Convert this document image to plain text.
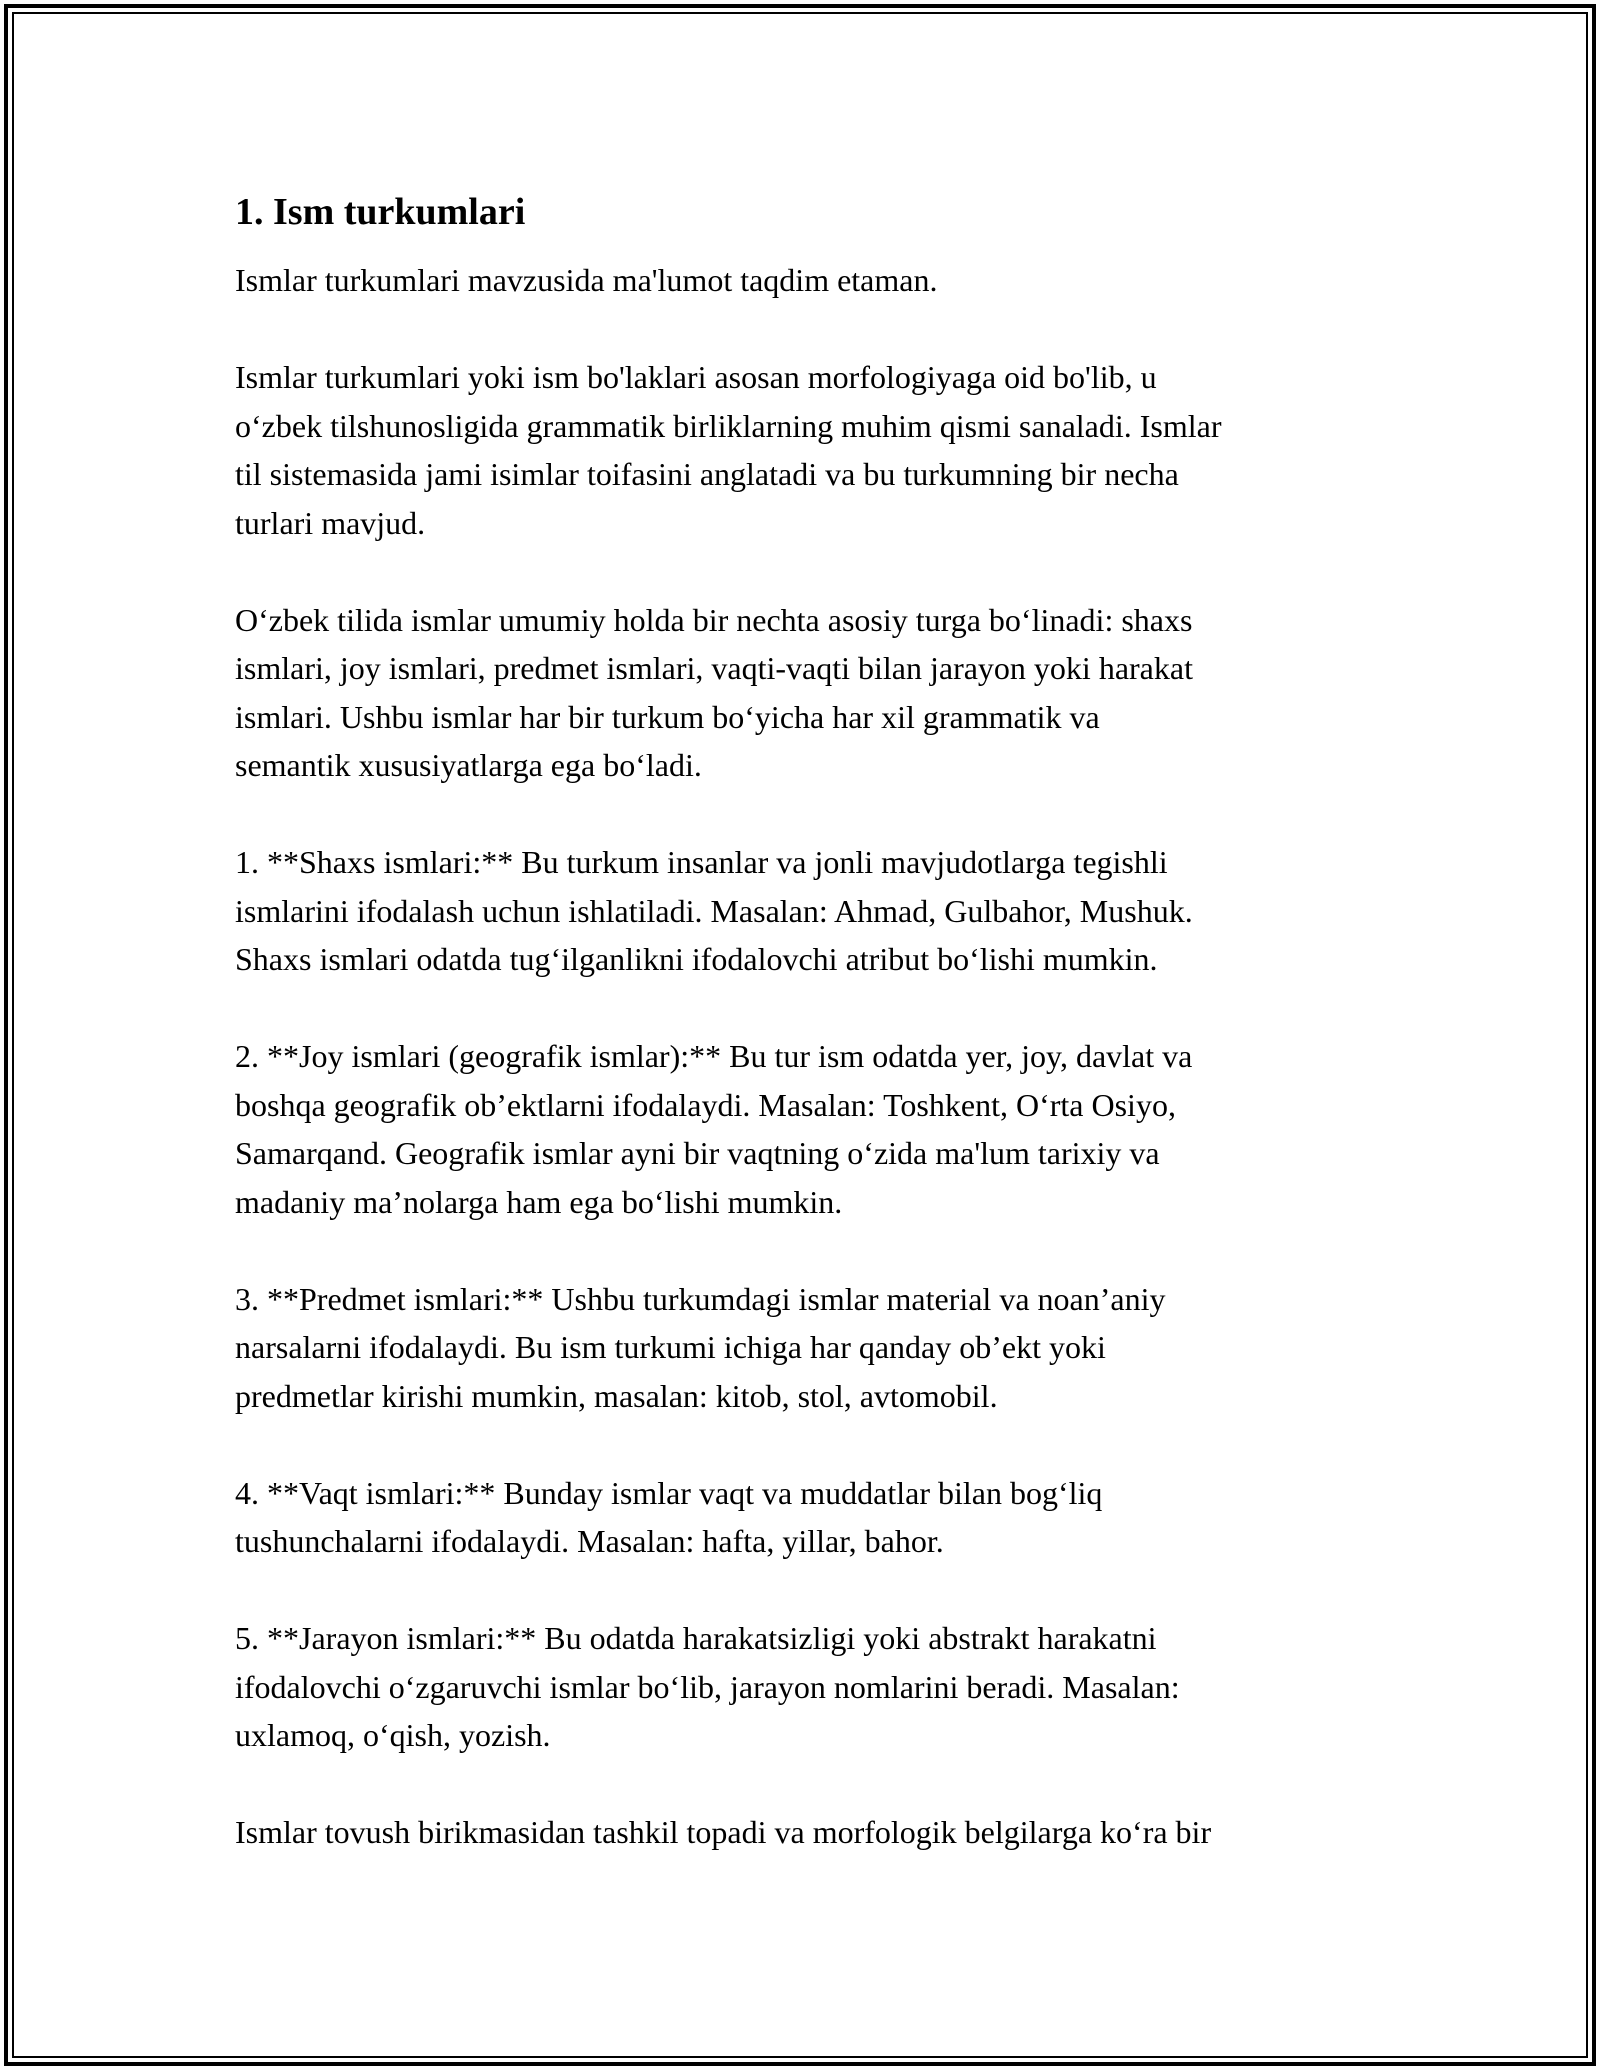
1. Ism turkumlari

Ismlar turkumlari mavzusida ma'lumot taqdim etaman.

Ismlar turkumlari yoki ism bo'laklari asosan morfologiyaga oid bo'lib, u
o‘zbek tilshunosligida grammatik birliklarning muhim qismi sanaladi. Ismlar
til sistemasida jami isimlar toifasini anglatadi va bu turkumning bir necha
turlari mavjud.

O‘zbek tilida ismlar umumiy holda bir nechta asosiy turga bo‘linadi: shaxs
ismlari, joy ismlari, predmet ismlari, vaqti-vaqti bilan jarayon yoki harakat
ismlari. Ushbu ismlar har bir turkum bo‘yicha har xil grammatik va
semantik xususiyatlarga ega bo‘ladi.

1. **Shaxs ismlari:** Bu turkum insanlar va jonli mavjudotlarga tegishli
ismlarini ifodalash uchun ishlatiladi. Masalan: Ahmad, Gulbahor, Mushuk.
Shaxs ismlari odatda tug‘ilganlikni ifodalovchi atribut bo‘lishi mumkin.

2. **Joy ismlari (geografik ismlar):** Bu tur ism odatda yer, joy, davlat va
boshqa geografik ob’ektlarni ifodalaydi. Masalan: Toshkent, O‘rta Osiyo,
Samarqand. Geografik ismlar ayni bir vaqtning o‘zida ma'lum tarixiy va
madaniy ma’nolarga ham ega bo‘lishi mumkin.

3. **Predmet ismlari:** Ushbu turkumdagi ismlar material va noan’aniy
narsalarni ifodalaydi. Bu ism turkumi ichiga har qanday ob’ekt yoki
predmetlar kirishi mumkin, masalan: kitob, stol, avtomobil.

4. **Vaqt ismlari:** Bunday ismlar vaqt va muddatlar bilan bog‘liq
tushunchalarni ifodalaydi. Masalan: hafta, yillar, bahor.

5. **Jarayon ismlari:** Bu odatda harakatsizligi yoki abstrakt harakatni
ifodalovchi o‘zgaruvchi ismlar bo‘lib, jarayon nomlarini beradi. Masalan:
uxlamoq, o‘qish, yozish.

Ismlar tovush birikmasidan tashkil topadi va morfologik belgilarga ko‘ra bir
